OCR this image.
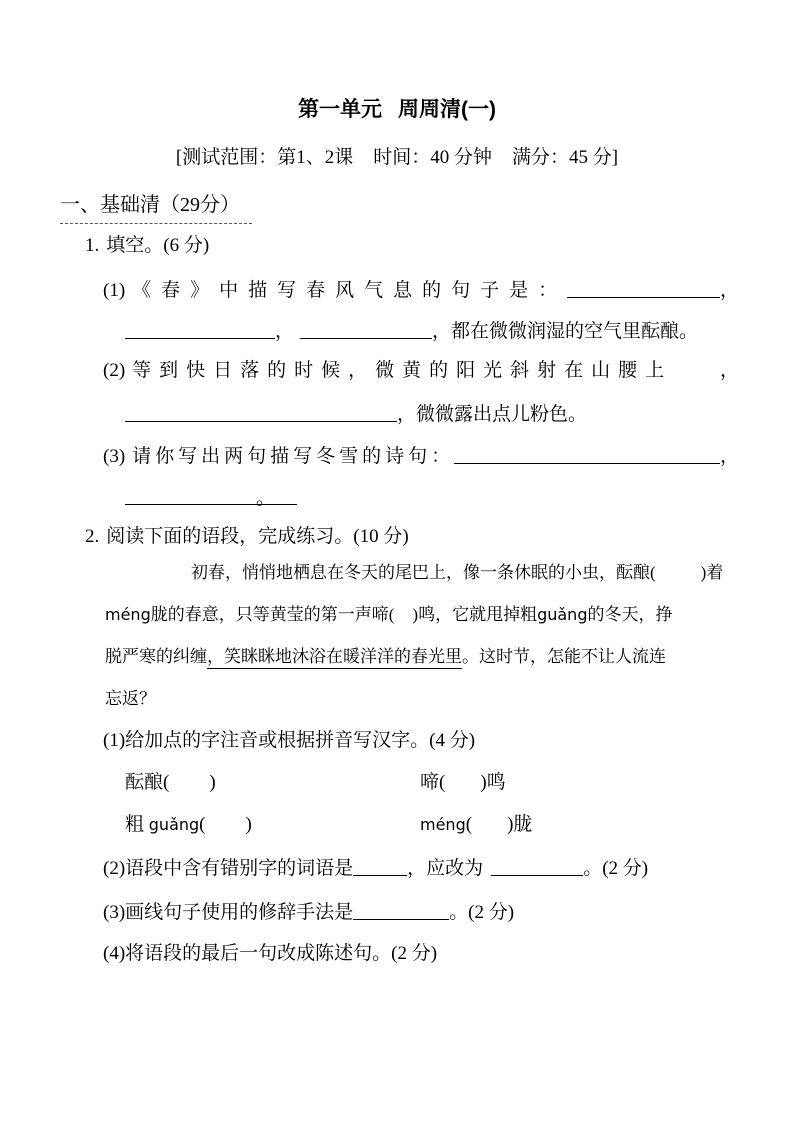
第一单元 周周清(一)
[测试范围：第1、2课 时间：40 分钟 满分：45 分]
一、基础清（29分）
1. 填空。(6 分)
(1) 《春》中描写春风气息的句子是：	，
，	， 都在微微润湿的空气里酝酿。
(2) 等到快日落的时候，微黄的阳光斜射在山腰上	，
，微微露出点儿粉色。
(3) 请你写出两句描写冬雪的诗句：	，
。
2. 阅读下面的语段，完成练习。(10 分)
初春，悄悄地栖息在冬天的尾巴上，像一条休眠的小虫，酝酿(	)着
méng胧的春意，只等黄莹的第一声啼( )鸣，它就甩掉粗guǎng的冬天，挣
脱严寒的纠缠，笑眯眯地沐浴在暖洋洋的春光里。这时节，怎能不让人流连
忘返？
(1) 给加点的字注音或根据拼音写汉字。(4 分)
酝酿( )	啼( )鸣
粗 guǎng( )	méng( )胧
(2) 语段中含有错别字的词语是	，应改为	。(2 分)
(3) 画线句子使用的修辞手法是	。(2 分)
(4) 将语段的最后一句改成陈述句。(2 分)
